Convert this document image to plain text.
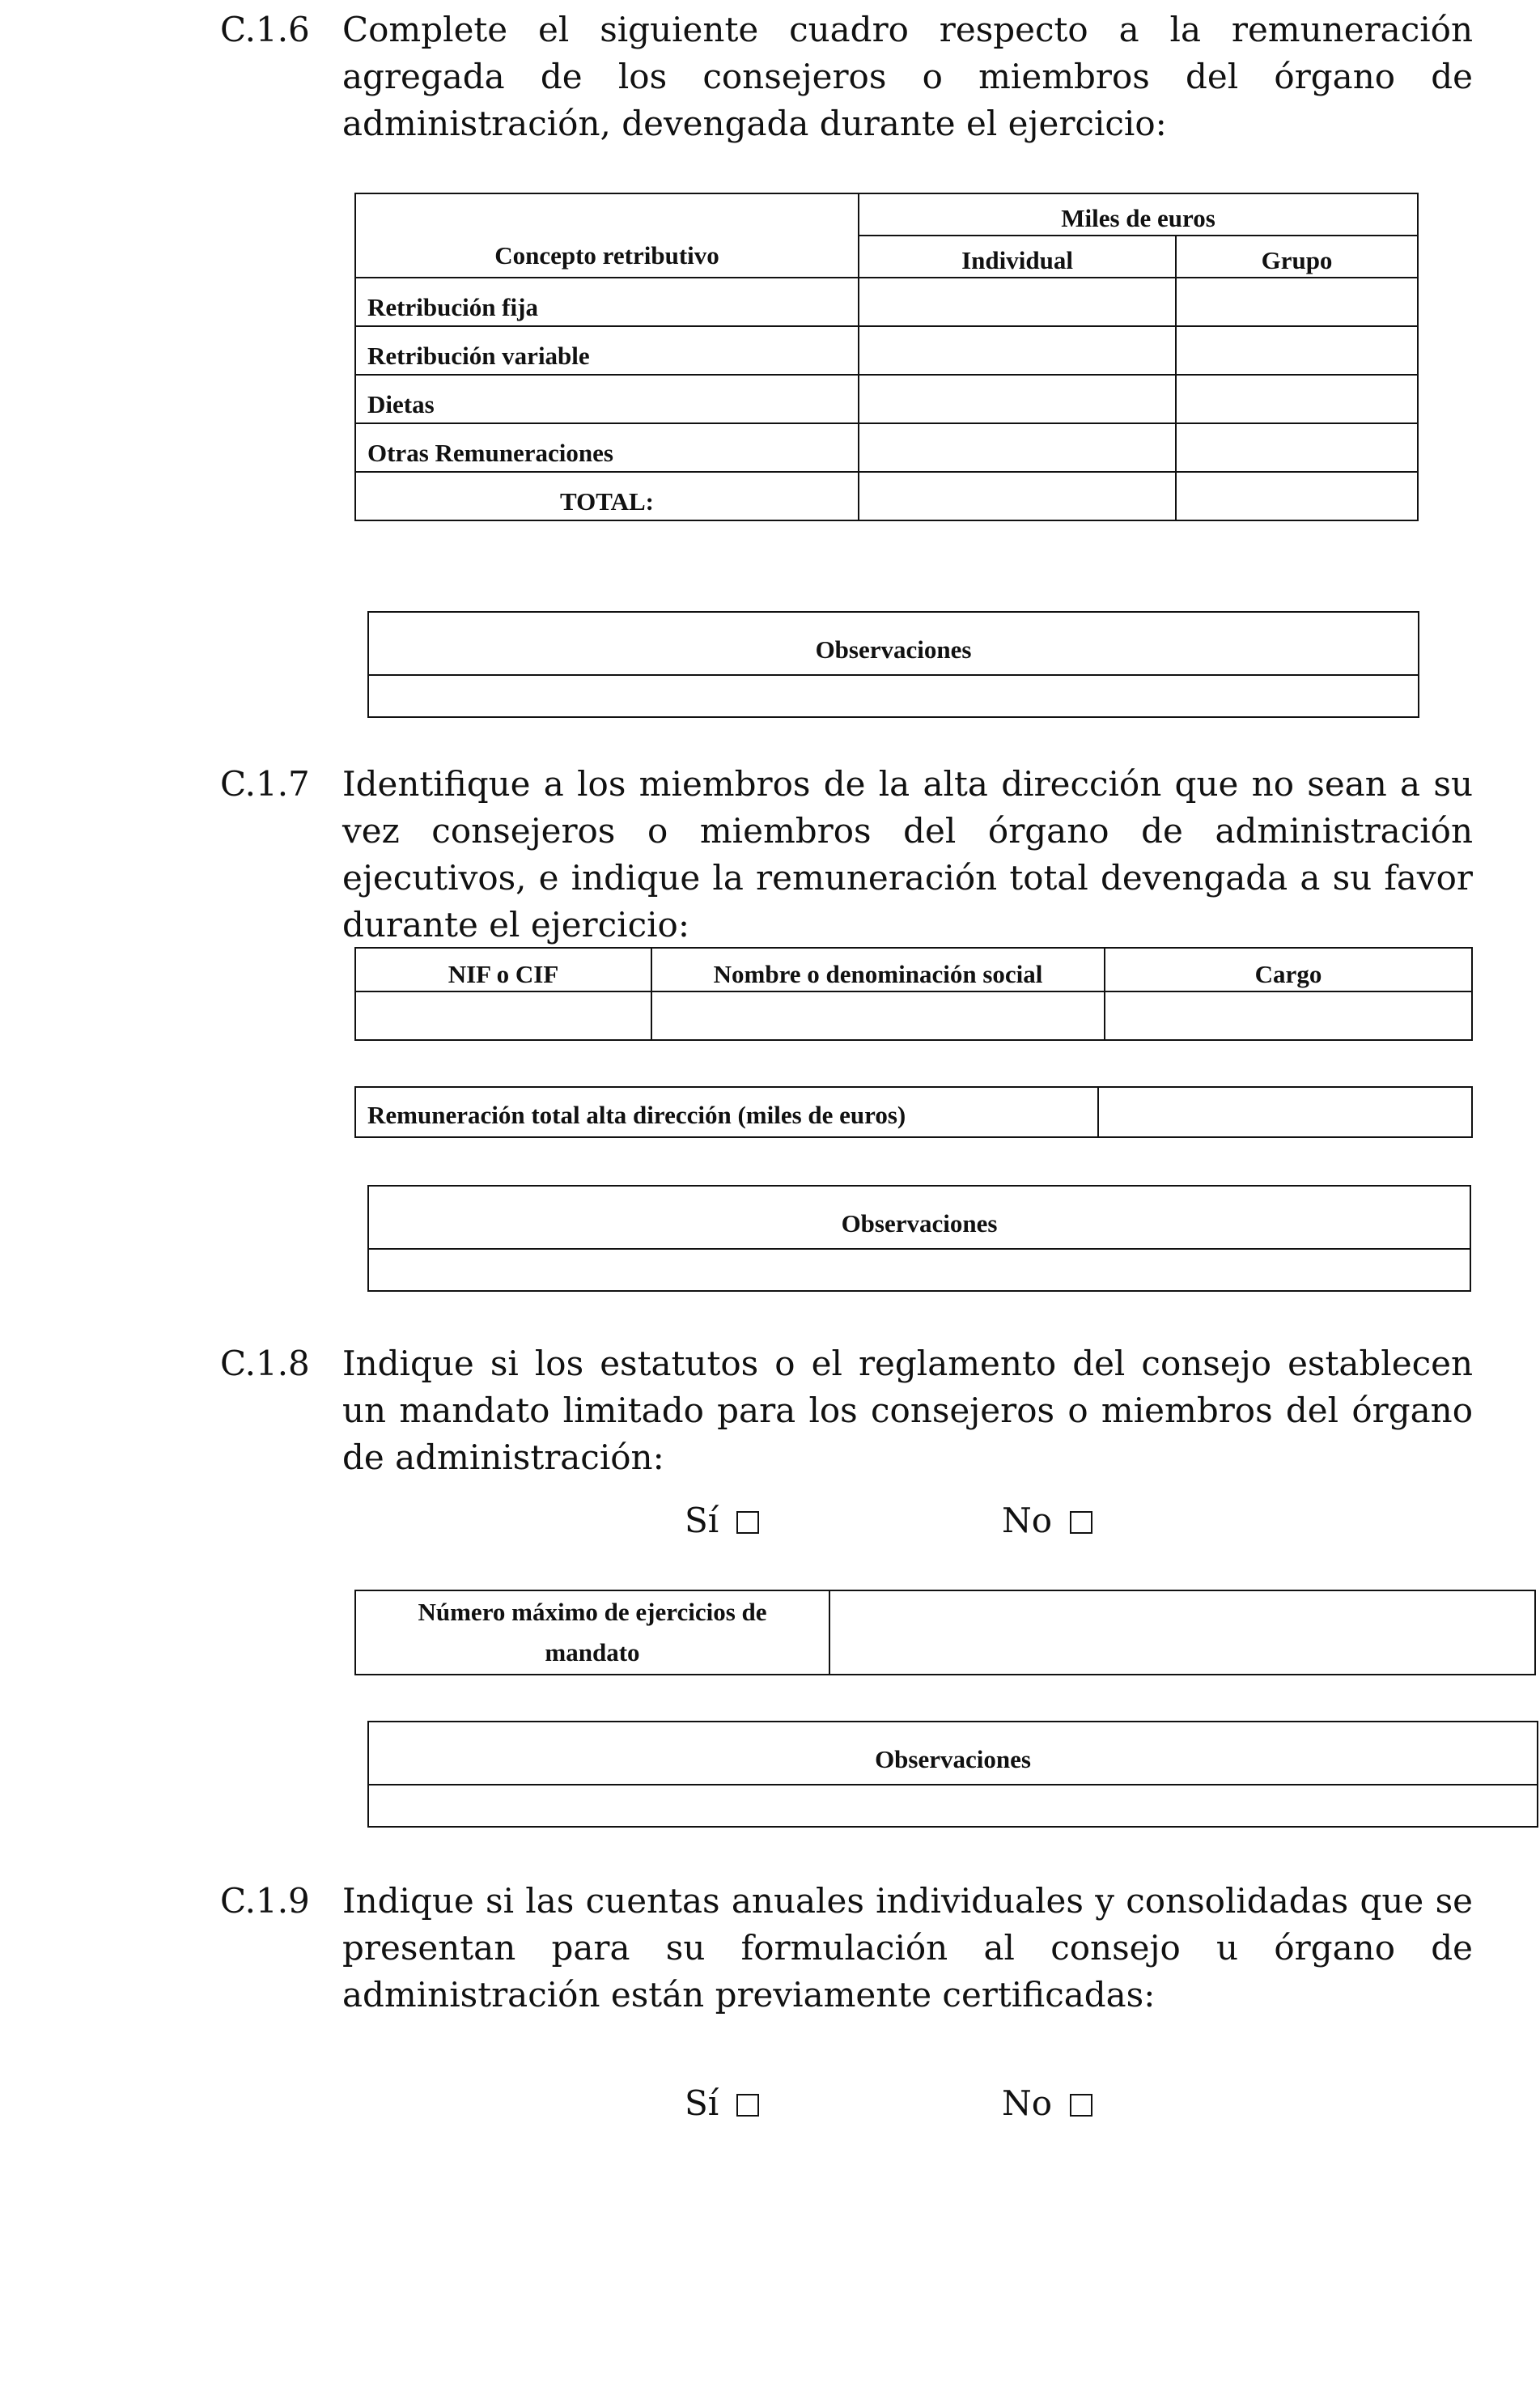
C.1.6 Complete el siguiente cuadro respecto a la remuneración agregada de los consejeros o miembros del órgano de administración, devengada durante el ejercicio:
Concepto retributivo	Miles de euros	
	Individual	Grupo
Retribución fija		
Retribución variable		
Dietas		
Otras Remuneraciones		
TOTAL:		
Observaciones

C.1.7 Identifique a los miembros de la alta dirección que no sean a su vez consejeros o miembros del órgano de administración ejecutivos, e indique la remuneración total devengada a su favor durante el ejercicio:
NIF o CIF	Nombre o denominación social	Cargo

Remuneración total alta dirección (miles de euros)	
Observaciones

C.1.8 Indique si los estatutos o el reglamento del consejo establecen un mandato limitado para los consejeros o miembros del órgano de administración:
Sí	No
Número máximo de ejercicios de mandato	
Observaciones

C.1.9 Indique si las cuentas anuales individuales y consolidadas que se presentan para su formulación al consejo u órgano de administración están previamente certificadas:
Sí	No
